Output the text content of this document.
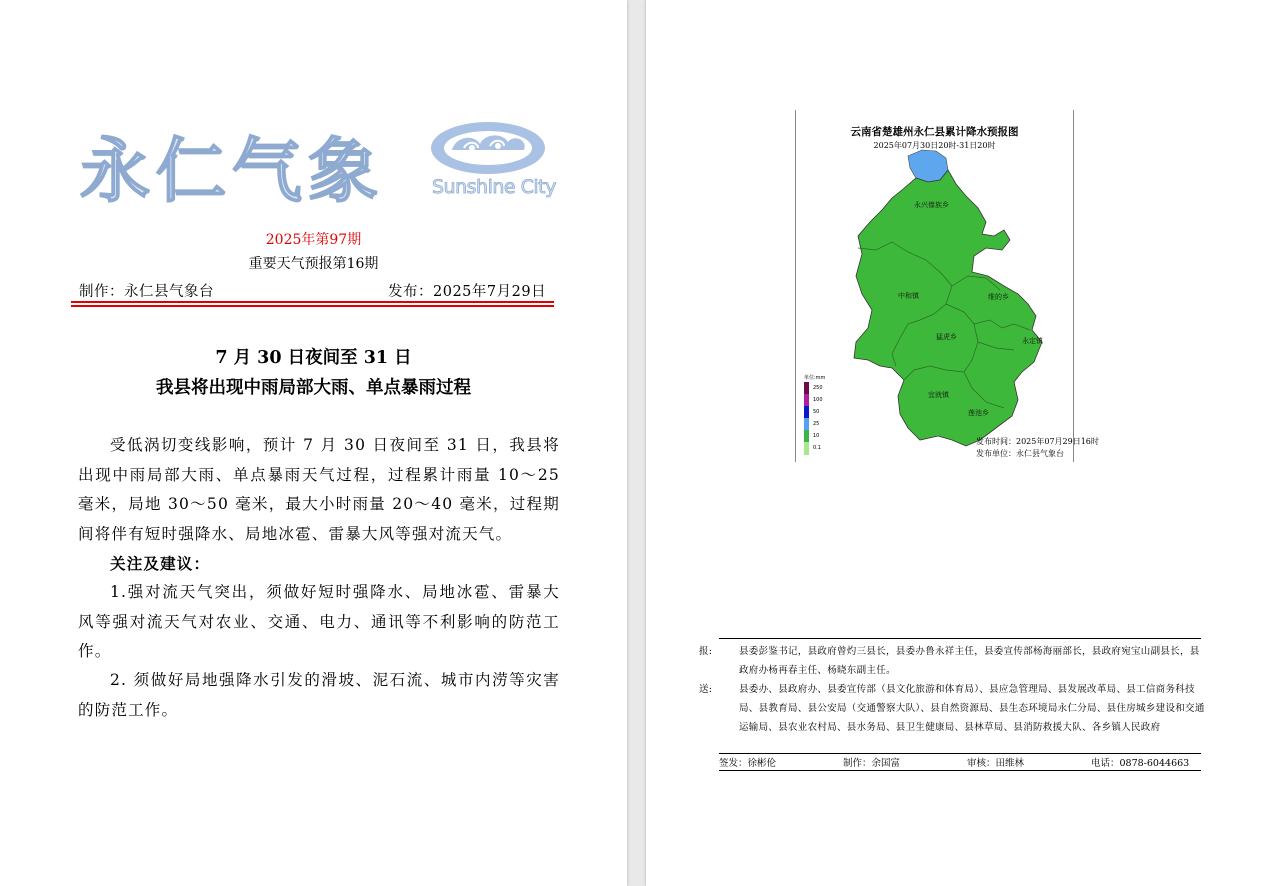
永仁气象	Sunshine City
2025年第97期
重要天气预报第16期
制作：永仁县气象台	发布：2025年7月29日
7 月 30 日夜间至 31 日
我县将出现中雨局部大雨、单点暴雨过程
受低涡切变线影响，预计 7 月 30 日夜间至 31 日，我县将出现中雨局部大雨、单点暴雨天气过程，过程累计雨量 10～25 毫米，局地 30～50 毫米，最大小时雨量 20～40 毫米，过程期间将伴有短时强降水、局地冰雹、雷暴大风等强对流天气。
关注及建议：
1.强对流天气突出，须做好短时强降水、局地冰雹、雷暴大风等强对流天气对农业、交通、电力、通讯等不利影响的防范工作。
2. 须做好局地强降水引发的滑坡、泥石流、城市内涝等灾害的防范工作。
云南省楚雄州永仁县累计降水预报图
2025年07月30日20时-31日20时
永兴傣族乡
中和镇	维的乡
猛虎乡	永定镇
宜就镇
莲池乡
单位:mm
250
100
50
25
10
0.1
发布时间：2025年07月29日16时
发布单位：永仁县气象台
报:	县委彭鉴书记，县政府曾灼三县长，县委办鲁永祥主任，县委宣传部杨海丽部长，县政府宛宝山副县长，县政府办杨再春主任、杨晓东副主任。
送:	县委办、县政府办、县委宣传部（县文化旅游和体育局）、县应急管理局、县发展改革局、县工信商务科技局、县教育局、县公安局（交通警察大队）、县自然资源局、县生态环境局永仁分局、县住房城乡建设和交通运输局、县农业农村局、县水务局、县卫生健康局、县林草局、县消防救援大队、各乡镇人民政府
签发：徐彬伦	制作：余国富	审核：田维林	电话：0878-6044663
